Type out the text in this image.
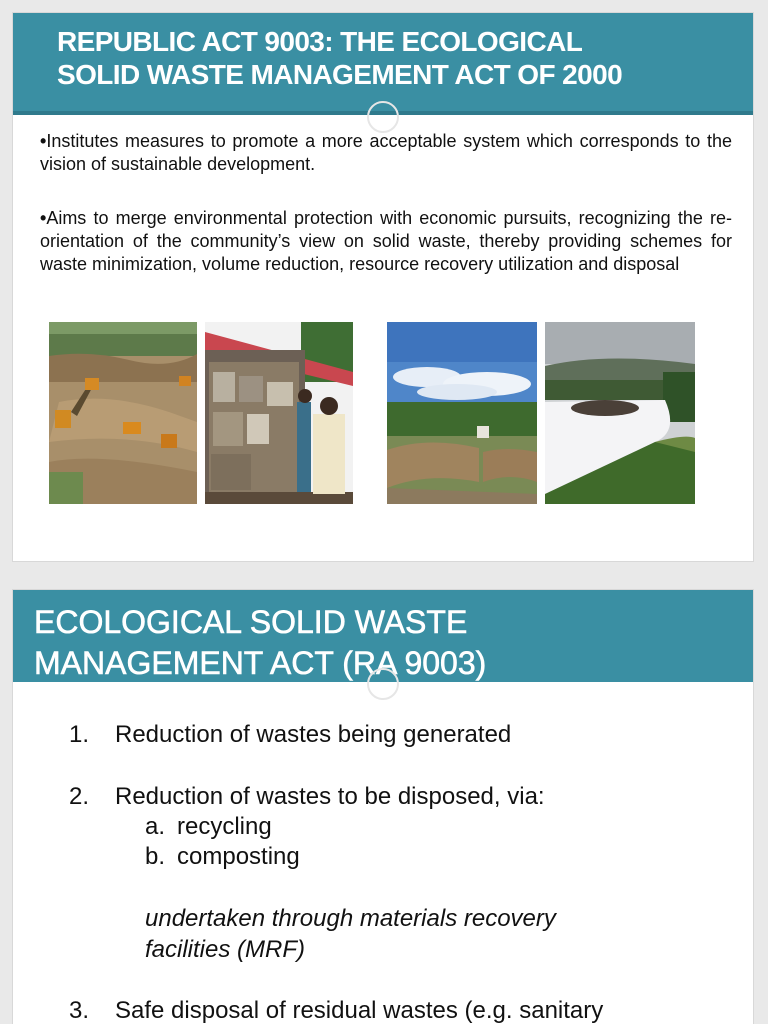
REPUBLIC ACT 9003: THE ECOLOGICAL
SOLID WASTE MANAGEMENT ACT OF 2000

•Institutes measures to promote a more acceptable system which corresponds to the vision of sustainable development.

•Aims to merge environmental protection with economic pursuits, recognizing the re-orientation of the community’s view on solid waste, thereby providing schemes for waste minimization, volume reduction, resource recovery utilization and disposal

ECOLOGICAL SOLID WASTE
MANAGEMENT ACT (RA 9003)
1. Reduction of wastes being generated
2. Reduction of wastes to be disposed, via:
a. recycling
b. composting
undertaken through materials recovery
facilities (MRF)
3. Safe disposal of residual wastes (e.g. sanitary
